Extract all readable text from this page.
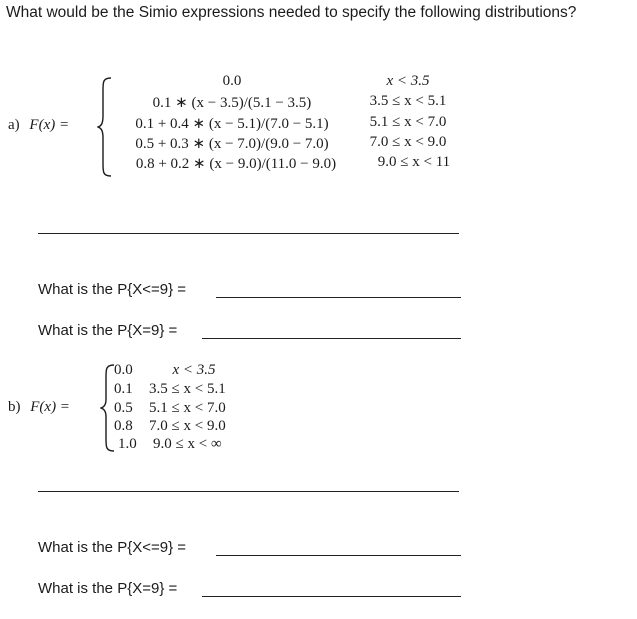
What would be the Simio expressions needed to specify the following distributions?
a) F(x) =
0.0	x < 3.5
0.1 ∗ (x − 3.5)/(5.1 − 3.5)	3.5 ≤ x < 5.1
0.1 + 0.4 ∗ (x − 5.1)/(7.0 − 5.1)	5.1 ≤ x < 7.0
0.5 + 0.3 ∗ (x − 7.0)/(9.0 − 7.0)	7.0 ≤ x < 9.0
0.8 + 0.2 ∗ (x − 9.0)/(11.0 − 9.0)	9.0 ≤ x < 11
What is the P{X<=9} =
What is the P{X=9} =
b) F(x) =
0.0	x < 3.5
0.1 3.5 ≤ x < 5.1
0.5 5.1 ≤ x < 7.0
0.8 7.0 ≤ x < 9.0
1.0 9.0 ≤ x < ∞
What is the P{X<=9} =
What is the P{X=9} =
